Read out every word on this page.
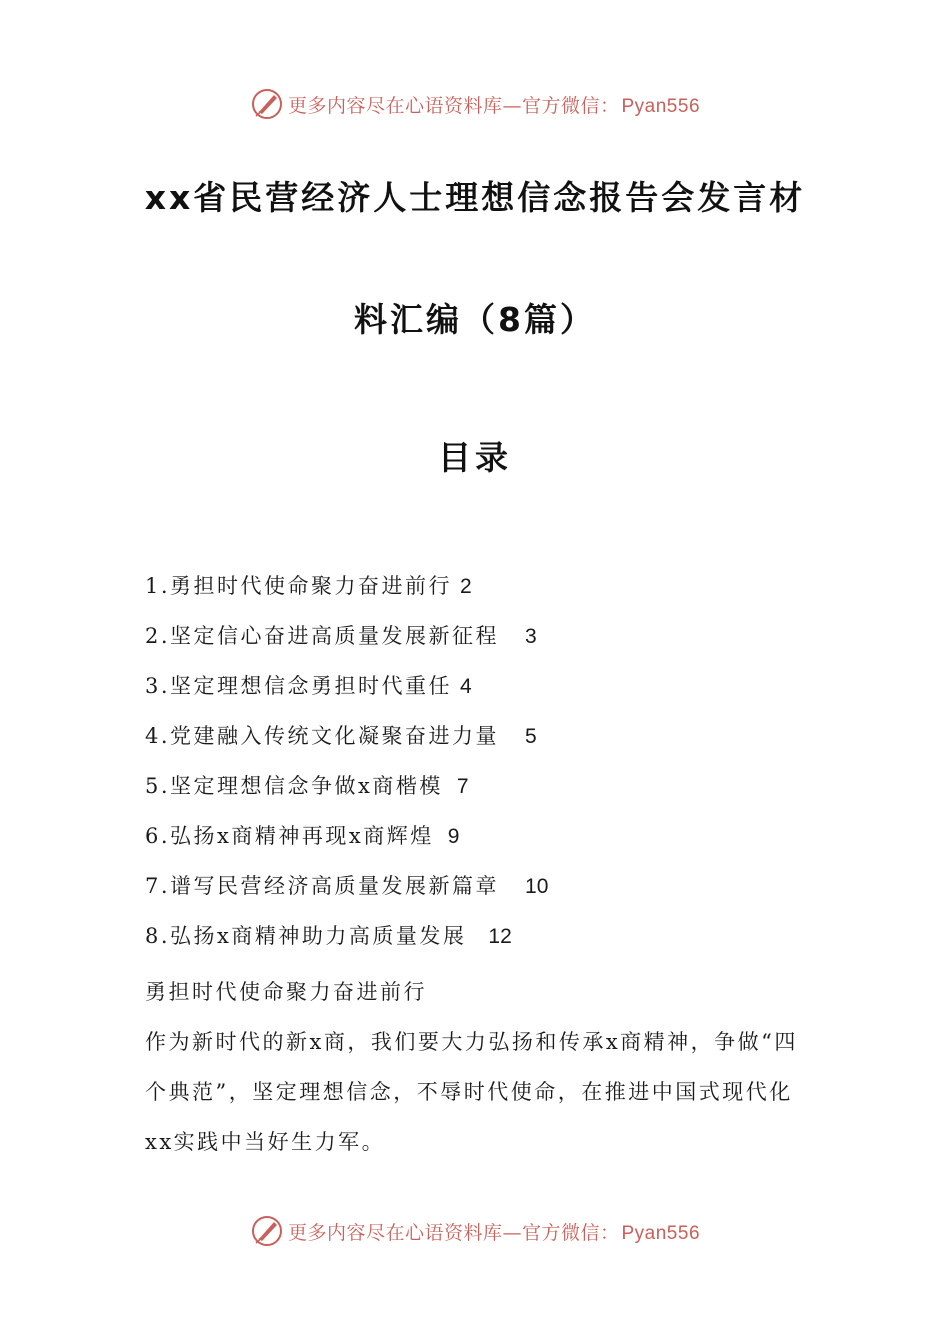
更多内容尽在心语资料库—官方微信： Pyan556
xx省民营经济人士理想信念报告会发言材
料汇编（8篇）
目录
1.勇担时代使命聚力奋进前行 2
2.坚定信心奋进高质量发展新征程 3
3.坚定理想信念勇担时代重任 4
4.党建融入传统文化凝聚奋进力量 5
5.坚定理想信念争做x商楷模 7
6.弘扬x商精神再现x商辉煌 9
7.谱写民营经济高质量发展新篇章 10
8.弘扬x商精神助力高质量发展 12

勇担时代使命聚力奋进前行

作为新时代的新x商，我们要大力弘扬和传承x商精神，争做“四个典范”，坚定理想信念，不辱时代使命，在推进中国式现代化xx实践中当好生力军。

更多内容尽在心语资料库—官方微信： Pyan556
